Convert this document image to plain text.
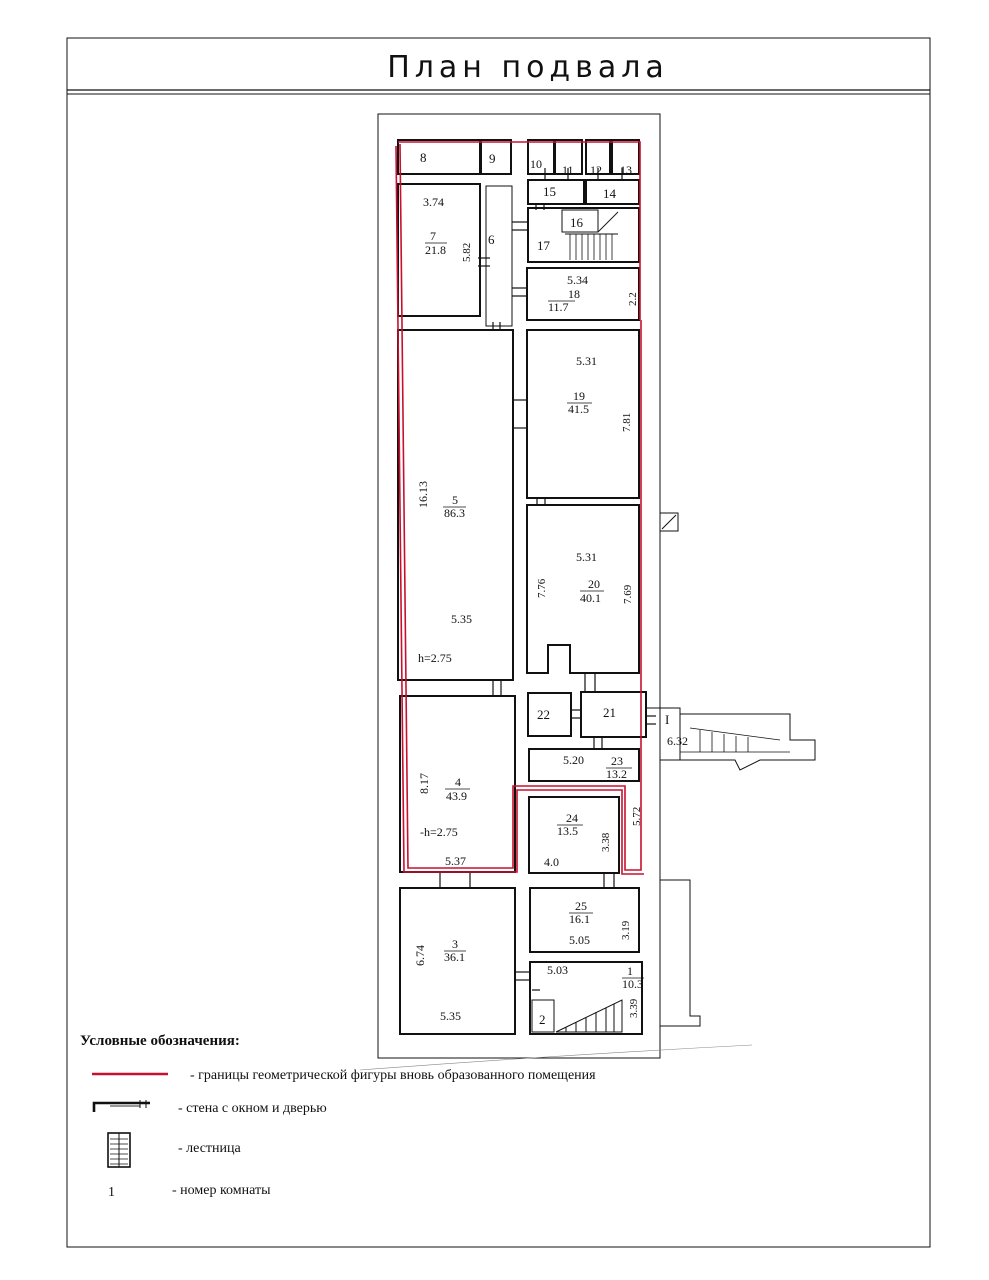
План подвала
8	9	10 11 12 13
15	14
16
17
3.74
7
21.8 5.82
6
5.34
18
11.7
2.2
5.31
19
41.5
7.81
16.13 5
86.3
5.35
h=2.75
5.31
20
40.1
7.76	7.69
22	21	I
6.32
5.20 23
13.2
5.72
8.17 4
43.9
-h=2.75
5.37
24
13.5
3.38
4.0
25
16.1
5.05	3.19
6.74
3
36.1
5.35
5.03	1
10.3
3.39
2
Условные обозначения:
- границы геометрической фигуры вновь образованного помещения
- стена с окном и дверью
- лестница
1	- номер комнаты
